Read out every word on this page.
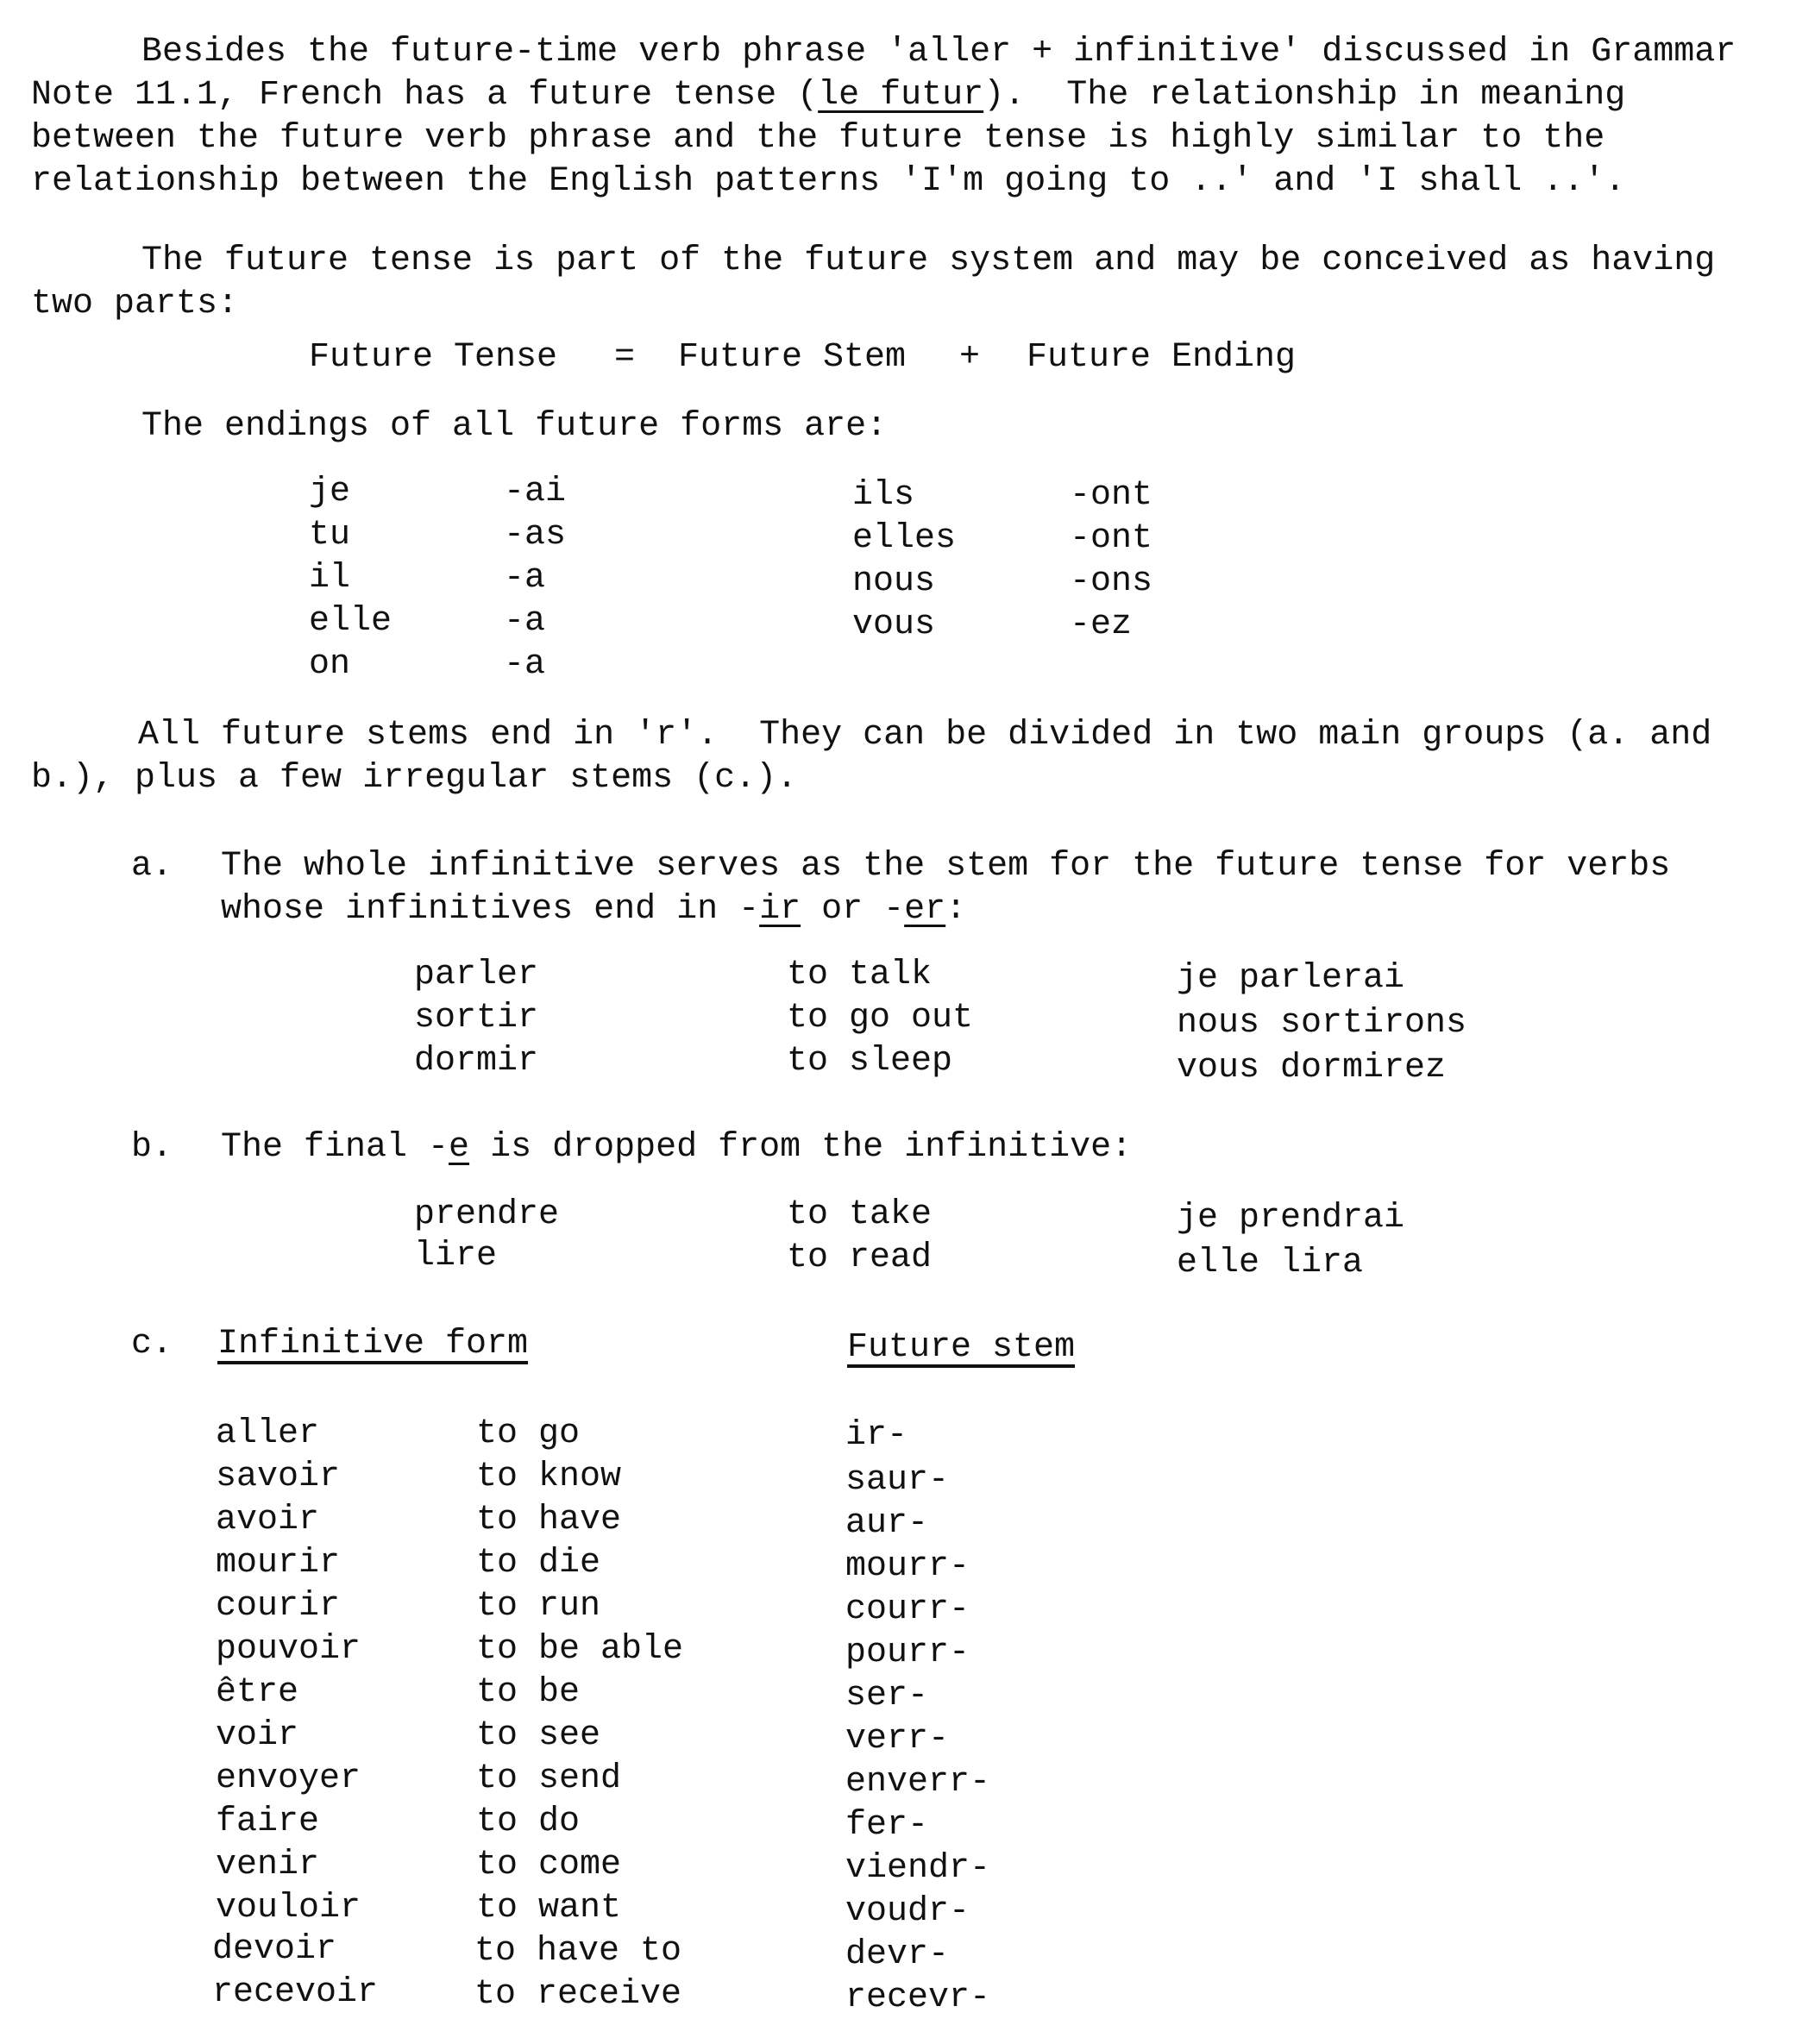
Besides the future-time verb phrase 'aller + infinitive' discussed in Grammar Note 11.1, French has a future tense (le futur).  The relationship in meaning between the future verb phrase and the future tense is highly similar to the relationship between the English patterns 'I'm going to ..' and 'I shall ..'.
The future tense is part of the future system and may be conceived as having two parts:
Future Tense = Future Stem + Future Ending
The endings of all future forms are:
je	-ai
tu	-as
il	-a
elle	-a
on	-a
ils	-ont
elles	-ont
nous	-ons
vous	-ez
All future stems end in 'r'.  They can be divided in two main groups (a. and b.), plus a few irregular stems (c.).
a. The whole infinitive serves as the stem for the future tense for verbs whose infinitives end in -ir or -er:
parler	to talk	je parlerai
sortir	to go out	nous sortirons
dormir	to sleep	vous dormirez
b. The final -e is dropped from the infinitive:
prendre	to take	je prendrai
lire	to read	elle lira
c. Infinitive form	Future stem
aller	to go	ir-
savoir	to know	saur-
avoir	to have	aur-
mourir	to die	mourr-
courir	to run	courr-
pouvoir	to be able	pourr-
être	to be	ser-
voir	to see	verr-
envoyer	to send	enverr-
faire	to do	fer-
venir	to come	viendr-
vouloir	to want	voudr-
devoir	to have to	devr-
recevoir	to receive	recevr-
